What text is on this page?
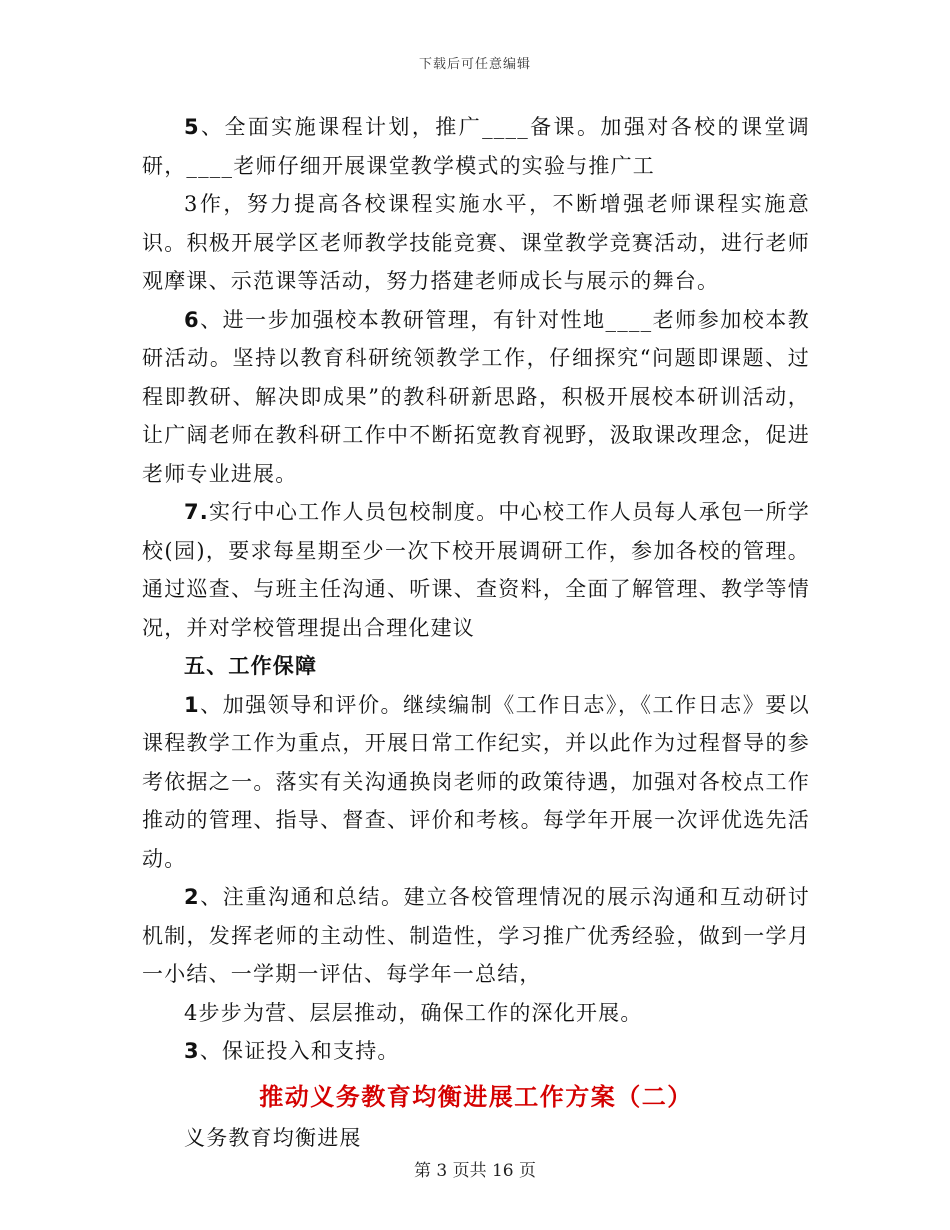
下载后可任意编辑

5、全面实施课程计划，推广____备课。加强对各校的课堂调研，____老师仔细开展课堂教学模式的实验与推广工

3作，努力提高各校课程实施水平，不断增强老师课程实施意识。积极开展学区老师教学技能竞赛、课堂教学竞赛活动，进行老师观摩课、示范课等活动，努力搭建老师成长与展示的舞台。

6、进一步加强校本教研管理，有针对性地____老师参加校本教研活动。坚持以教育科研统领教学工作，仔细探究“问题即课题、过程即教研、解决即成果”的教科研新思路，积极开展校本研训活动，让广阔老师在教科研工作中不断拓宽教育视野，汲取课改理念，促进老师专业进展。

7.实行中心工作人员包校制度。中心校工作人员每人承包一所学校(园)，要求每星期至少一次下校开展调研工作，参加各校的管理。通过巡查、与班主任沟通、听课、查资料，全面了解管理、教学等情况，并对学校管理提出合理化建议

五、工作保障

1、加强领导和评价。继续编制《工作日志》，《工作日志》要以课程教学工作为重点，开展日常工作纪实，并以此作为过程督导的参考依据之一。落实有关沟通换岗老师的政策待遇，加强对各校点工作推动的管理、指导、督查、评价和考核。每学年开展一次评优选先活动。

2、注重沟通和总结。建立各校管理情况的展示沟通和互动研讨机制，发挥老师的主动性、制造性，学习推广优秀经验，做到一学月一小结、一学期一评估、每学年一总结，

4步步为营、层层推动，确保工作的深化开展。

3、保证投入和支持。

推动义务教育均衡进展工作方案（二）

义务教育均衡进展

第 3 页共 16 页
